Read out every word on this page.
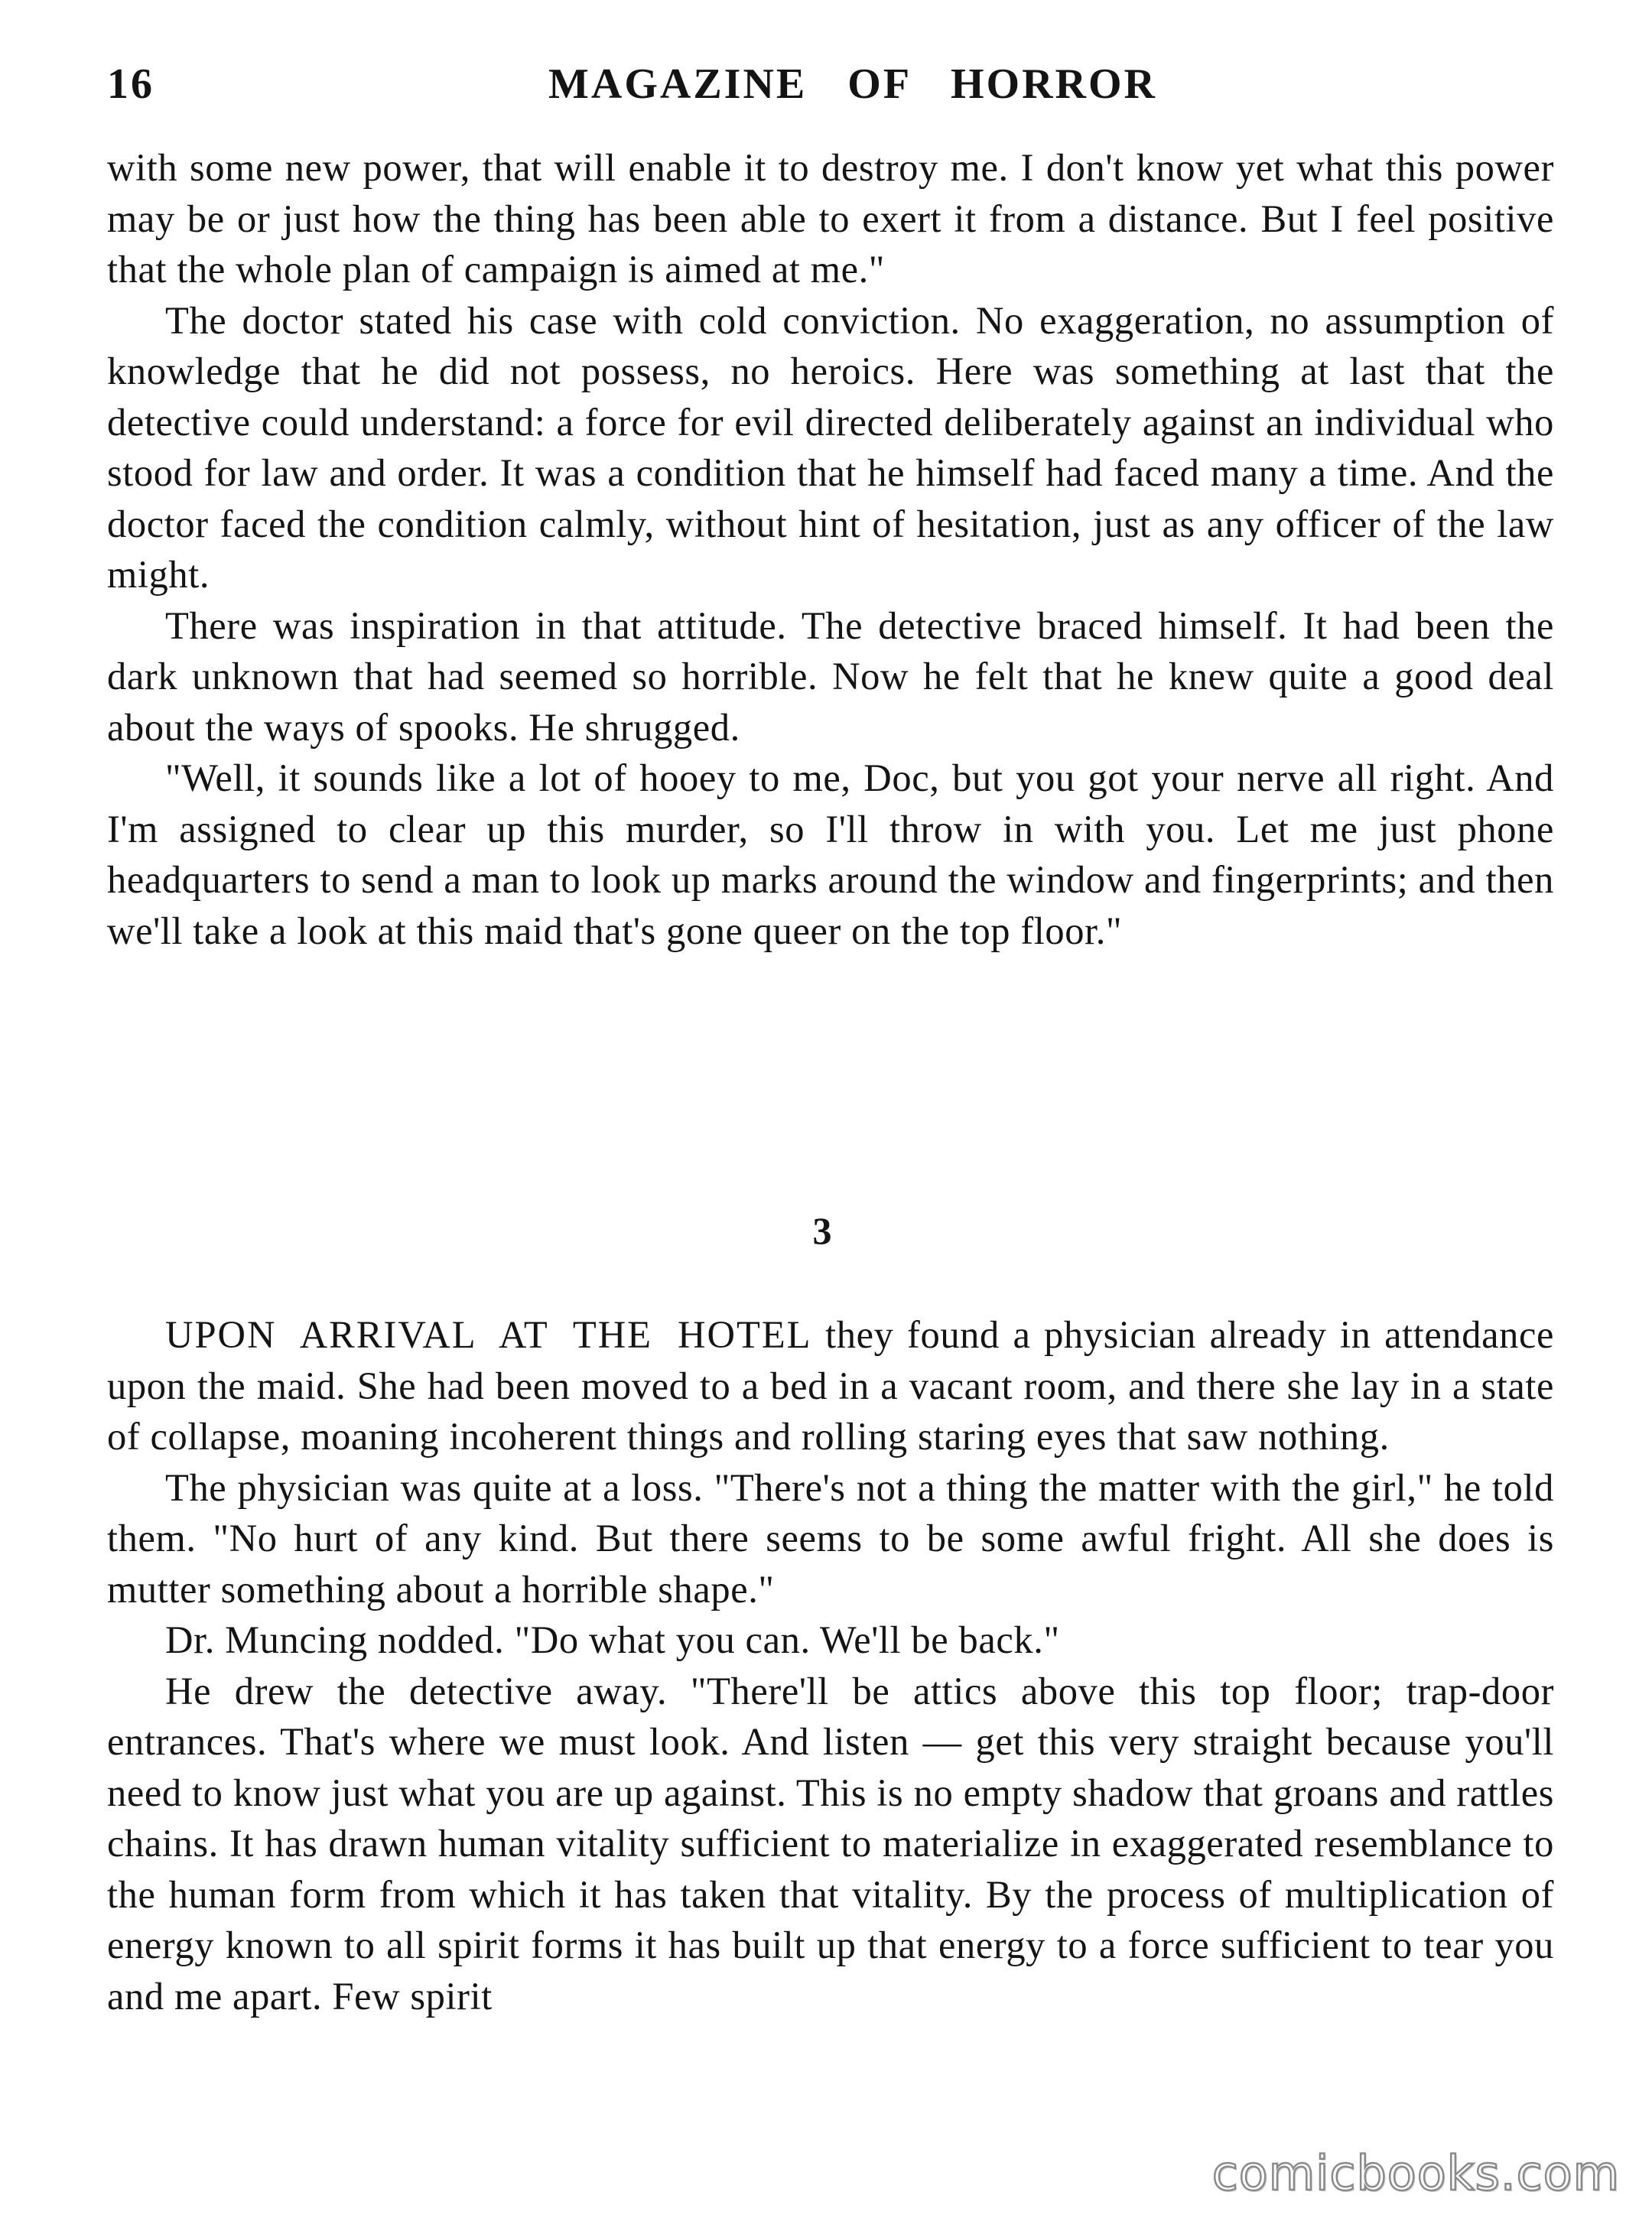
16	MAGAZINE OF HORROR

with some new power, that will enable it to destroy me. I don't know yet what this power may be or just how the thing has been able to exert it from a distance. But I feel positive that the whole plan of campaign is aimed at me."

The doctor stated his case with cold conviction. No exaggeration, no assumption of knowledge that he did not possess, no heroics. Here was something at last that the detective could understand: a force for evil directed deliberately against an individual who stood for law and order. It was a condition that he himself had faced many a time. And the doctor faced the condition calmly, without hint of hesitation, just as any officer of the law might.

There was inspiration in that attitude. The detective braced himself. It had been the dark unknown that had seemed so horrible. Now he felt that he knew quite a good deal about the ways of spooks. He shrugged.

"Well, it sounds like a lot of hooey to me, Doc, but you got your nerve all right. And I'm assigned to clear up this murder, so I'll throw in with you. Let me just phone headquarters to send a man to look up marks around the window and fingerprints; and then we'll take a look at this maid that's gone queer on the top floor."

3

UPON ARRIVAL AT THE HOTEL they found a physician already in attendance upon the maid. She had been moved to a bed in a vacant room, and there she lay in a state of collapse, moaning incoherent things and rolling staring eyes that saw nothing.

The physician was quite at a loss. "There's not a thing the matter with the girl," he told them. "No hurt of any kind. But there seems to be some awful fright. All she does is mutter something about a horrible shape."

Dr. Muncing nodded. "Do what you can. We'll be back."

He drew the detective away. "There'll be attics above this top floor; trap-door entrances. That's where we must look. And listen — get this very straight because you'll need to know just what you are up against. This is no empty shadow that groans and rattles chains. It has drawn human vitality sufficient to materialize in exaggerated resemblance to the human form from which it has taken that vitality. By the process of multiplication of energy known to all spirit forms it has built up that energy to a force sufficient to tear you and me apart. Few spirit

comicbooks.com
